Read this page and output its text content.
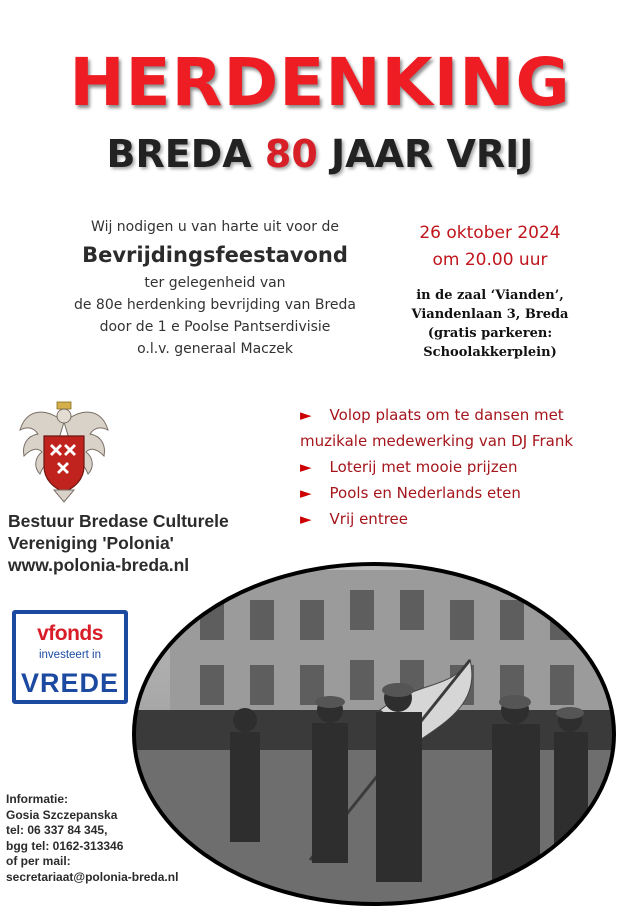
HERDENKING
BREDA 80 JAAR VRIJ
Wij nodigen u van harte uit voor de
Bevrijdingsfeestavond
ter gelegenheid van
de 80e herdenking bevrijding van Breda
door de 1 e Poolse Pantserdivisie
o.l.v. generaal Maczek
26 oktober 2024
om 20.00 uur
in de zaal ‘Vianden’,
Viandenlaan 3, Breda
(gratis parkeren:
Schoolakkerplein)
► Volop plaats om te dansen met
muzikale medewerking van DJ Frank
► Loterij met mooie prijzen
► Pools en Nederlands eten
► Vrij entree
Bestuur Bredase Culturele
Vereniging 'Polonia'
www.polonia-breda.nl
vfonds
investeert in
VREDE
Informatie:
Gosia Szczepanska
tel: 06 337 84 345,
bgg tel: 0162-313346
of per mail:
secretariaat@polonia-breda.nl
